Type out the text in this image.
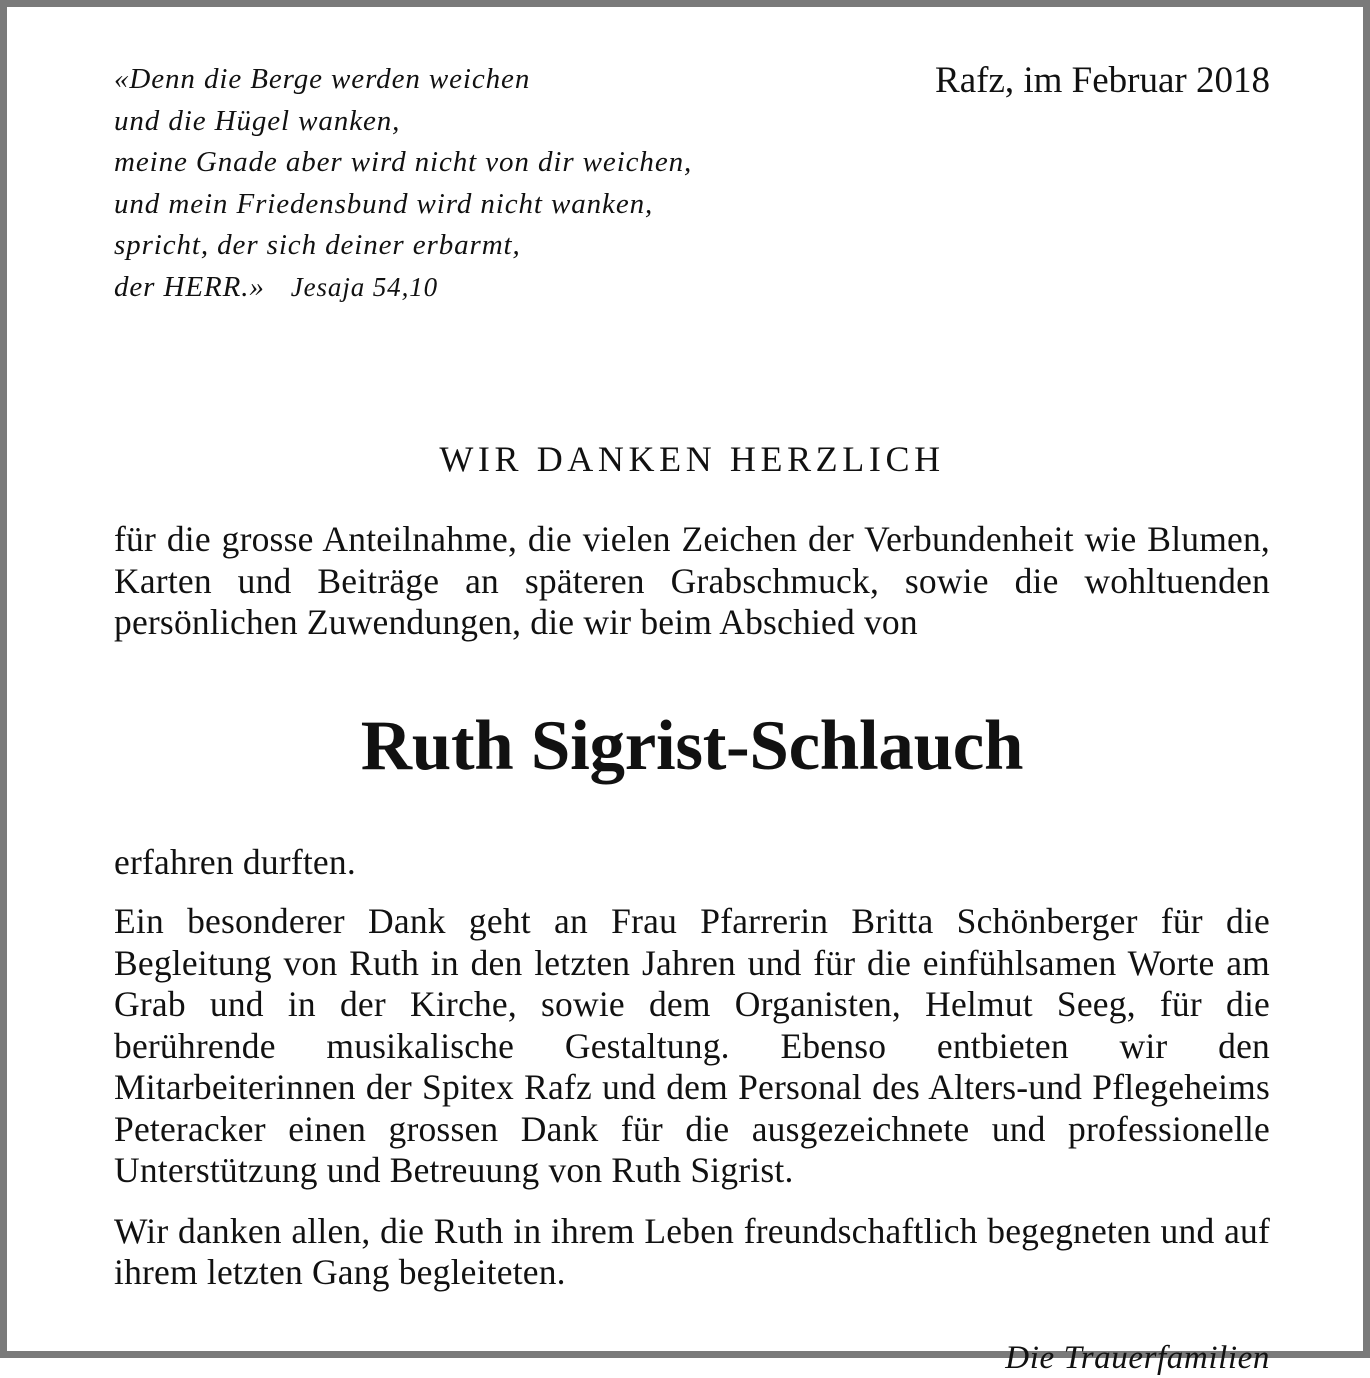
«Denn die Berge werden weichen
und die Hügel wanken,
meine Gnade aber wird nicht von dir weichen,
und mein Friedensbund wird nicht wanken,
spricht, der sich deiner erbarmt,
der HERR.» Jesaja 54,10

Rafz, im Februar 2018
WIR DANKEN HERZLICH

für die grosse Anteilnahme, die vielen Zeichen der Verbundenheit wie Blumen, Karten und Beiträge an späteren Grabschmuck, sowie die wohltuenden persönlichen Zuwendungen, die wir beim Abschied von

Ruth Sigrist-Schlauch

erfahren durften.

Ein besonderer Dank geht an Frau Pfarrerin Britta Schönberger für die Begleitung von Ruth in den letzten Jahren und für die einfühlsamen Worte am Grab und in der Kirche, sowie dem Organisten, Helmut Seeg, für die berührende musikalische Gestaltung. Ebenso entbieten wir den Mitarbeiterinnen der Spitex Rafz und dem Personal des Alters-und Pflegeheims Peteracker einen grossen Dank für die ausgezeichnete und professionelle Unterstützung und Betreuung von Ruth Sigrist.

Wir danken allen, die Ruth in ihrem Leben freundschaftlich begegneten und auf ihrem letzten Gang begleiteten.

Die Trauerfamilien
